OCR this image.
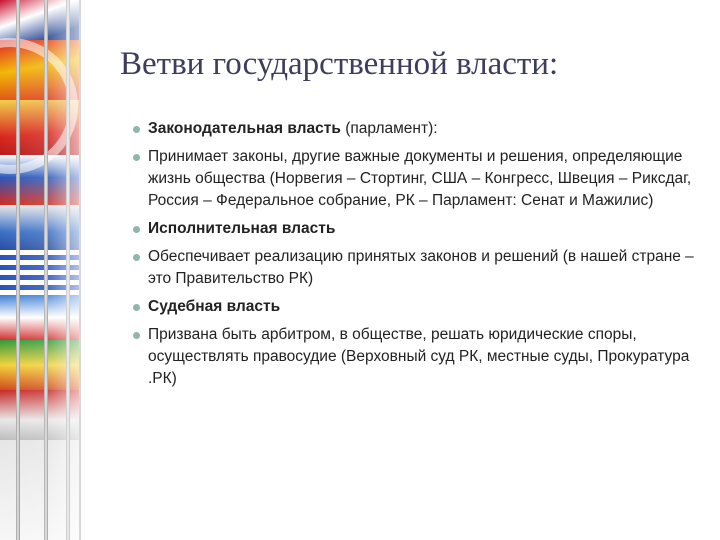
Ветви государственной власти:
Законодательная власть (парламент):
Принимает законы, другие важные документы и решения, определяющие жизнь общества (Норвегия – Стортинг, США – Конгресс, Швеция – Риксдаг, Россия – Федеральное собрание, РК – Парламент: Сенат и Мажилис)
Исполнительная власть
Обеспечивает реализацию принятых законов и решений (в нашей стране – это Правительство РК)
Судебная власть
Призвана быть арбитром, в обществе, решать юридические споры, осуществлять правосудие (Верховный суд РК, местные суды, Прокуратура .РК)
